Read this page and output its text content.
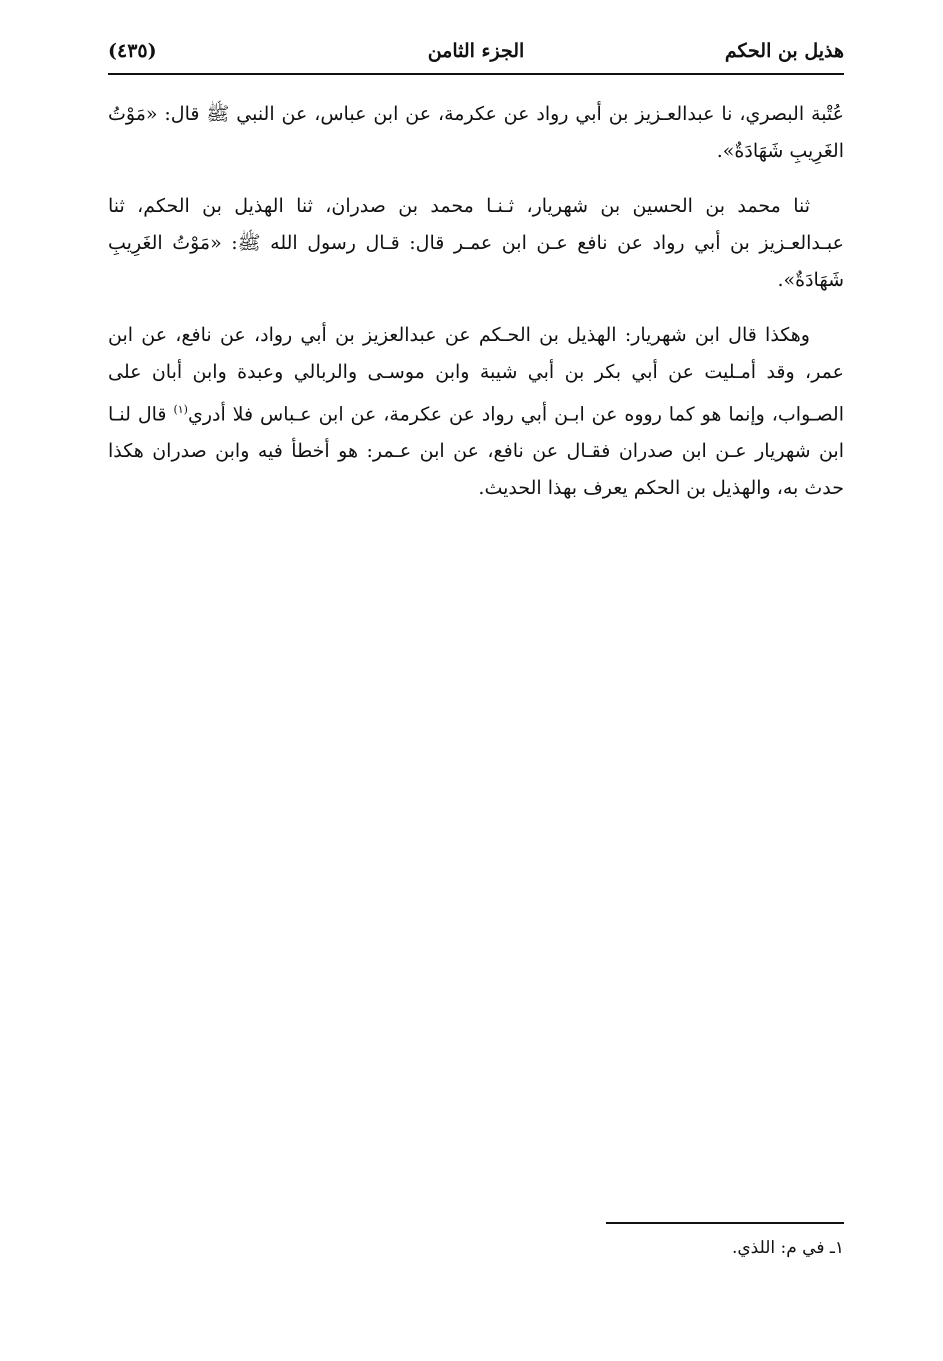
هذيل بن الحكم
الجزء الثامن
(٤٣٥)

عُتْبة البصري، نا عبدالعـزيز بن أبي رواد عن عكرمة، عن ابن عباس، عن النبي ﷺ قال: «مَوْتُ الغَرِيبِ شَهَادَةٌ».

ثنا محمد بن الحسين بن شهريار، ثـنـا محمد بن صدران، ثنا الهذيل بن الحكم، ثنا عبـدالعـزيز بن أبي رواد عن نافع عـن ابن عمـر قال: قـال رسول الله ﷺ: «مَوْتُ الغَرِيبِ شَهَادَةٌ».

وهكذا قال ابن شهريار: الهذيل بن الحـكم عن عبدالعزيز بن أبي رواد، عن نافع، عن ابن عمر، وقد أمـليت عن أبي بكر بن أبي شيبة وابن موسـى والربالي وعبدة وابن أبان على الصـواب، وإنما هو كما رووه عن ابـن أبي رواد عن عكرمة، عن ابن عـباس فلا أدري$^{(١)}$ قال لنـا ابن شهريار عـن ابن صدران فقـال عن نافع، عن ابن عـمر: هو أخطأ فيه وابن صدران هكذا حدث به، والهذيل بن الحكم يعرف بهذا الحديث.

١ـ في م: اللذي.
